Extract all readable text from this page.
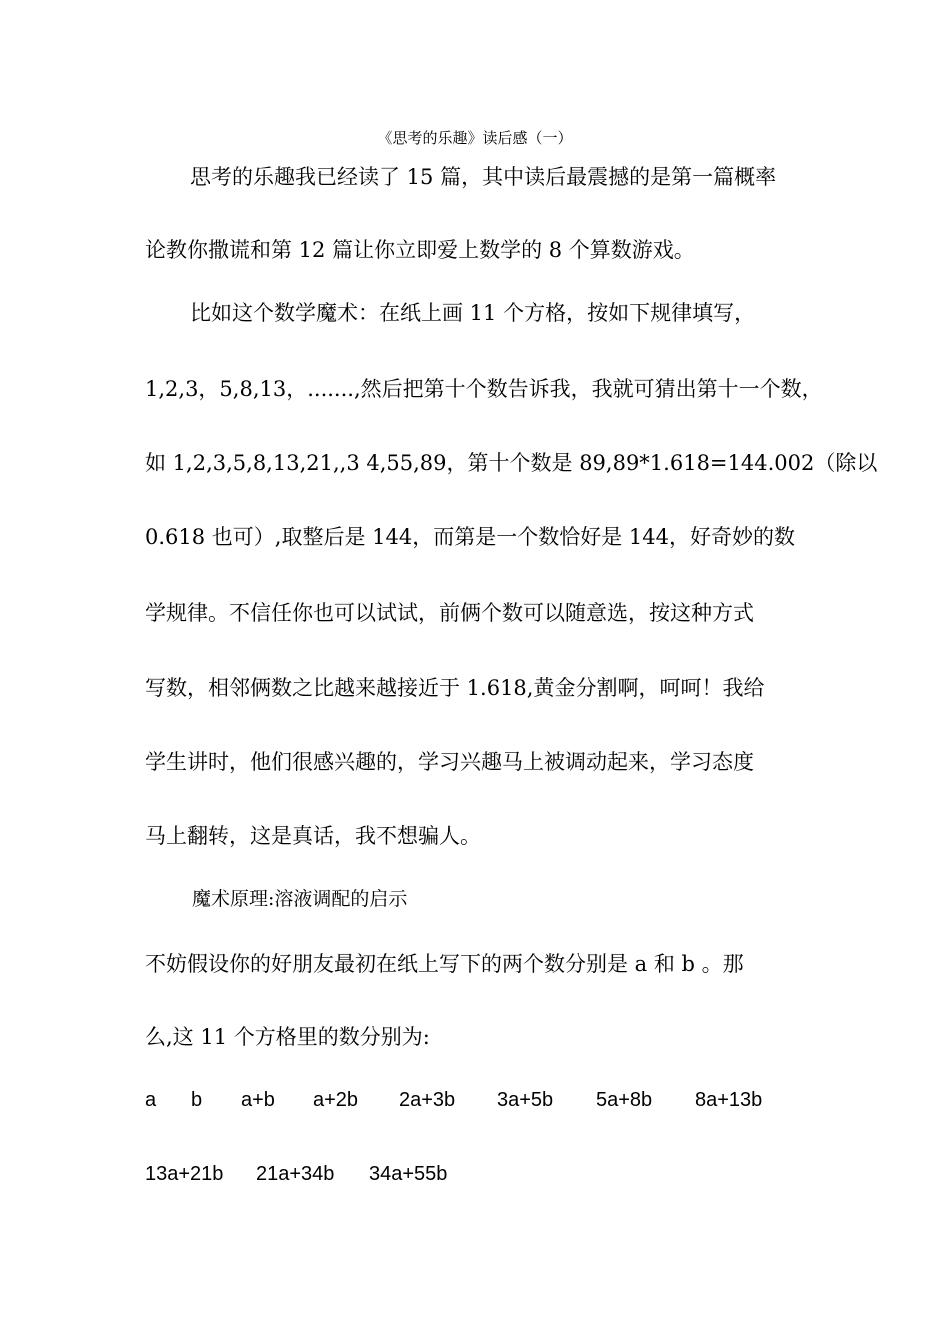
《思考的乐趣》读后感（一）
思考的乐趣我已经读了 15 篇，其中读后最震撼的是第一篇概率
论教你撒谎和第 12 篇让你立即爱上数学的 8 个算数游戏。
比如这个数学魔术：在纸上画 11 个方格，按如下规律填写，
1,2,3，5,8,13，.......,然后把第十个数告诉我，我就可猜出第十一个数，
如 1,2,3,5,8,13,21,,3 4,55,89，第十个数是 89,89*1.618=144.002（除以
0.618 也可）,取整后是 144，而第是一个数恰好是 144，好奇妙的数
学规律。不信任你也可以试试，前俩个数可以随意选，按这种方式
写数，相邻俩数之比越来越接近于 1.618,黄金分割啊，呵呵！我给
学生讲时，他们很感兴趣的，学习兴趣马上被调动起来，学习态度
马上翻转，这是真话，我不想骗人。
魔术原理:溶液调配的启示
不妨假设你的好朋友最初在纸上写下的两个数分别是 a 和 b 。那
么,这 11 个方格里的数分别为:
a b a+b a+2b 2a+3b 3a+5b 5a+8b 8a+13b
13a+21b 21a+34b 34a+55b
